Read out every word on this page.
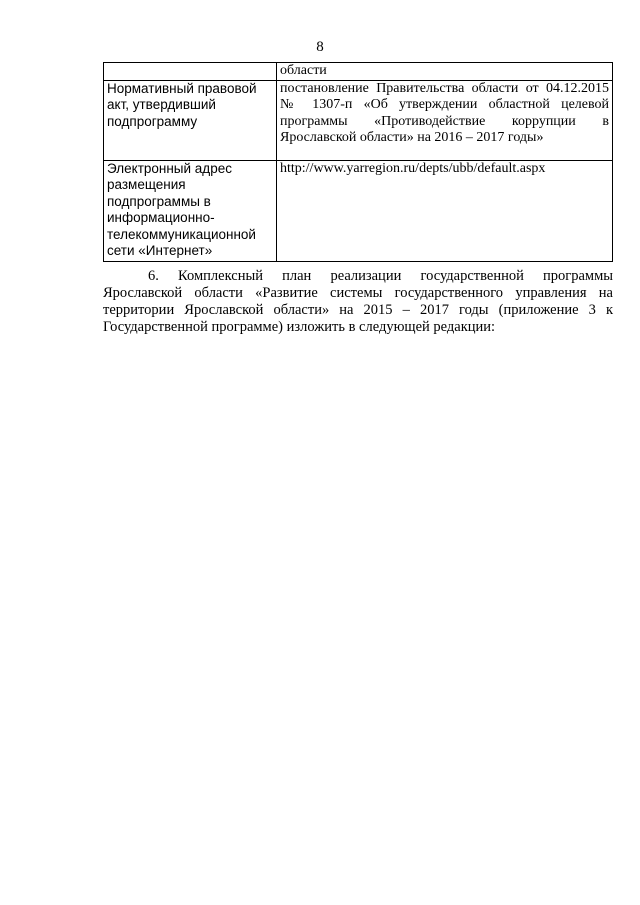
8
	области
Нормативный правовой акт, утвердивший подпрограмму	постановление Правительства области от 04.12.2015 № 1307-п «Об утверждении областной целевой программы «Противодействие коррупции в Ярославской области» на 2016 – 2017 годы»
Электронный адрес размещения подпрограммы в информационно-телекоммуникационной сети «Интернет»	http://www.yarregion.ru/depts/ubb/default.aspx

6. Комплексный план реализации государственной программы Ярославской области «Развитие системы государственного управления на территории Ярославской области» на 2015 – 2017 годы (приложение 3 к Государственной программе) изложить в следующей редакции:
